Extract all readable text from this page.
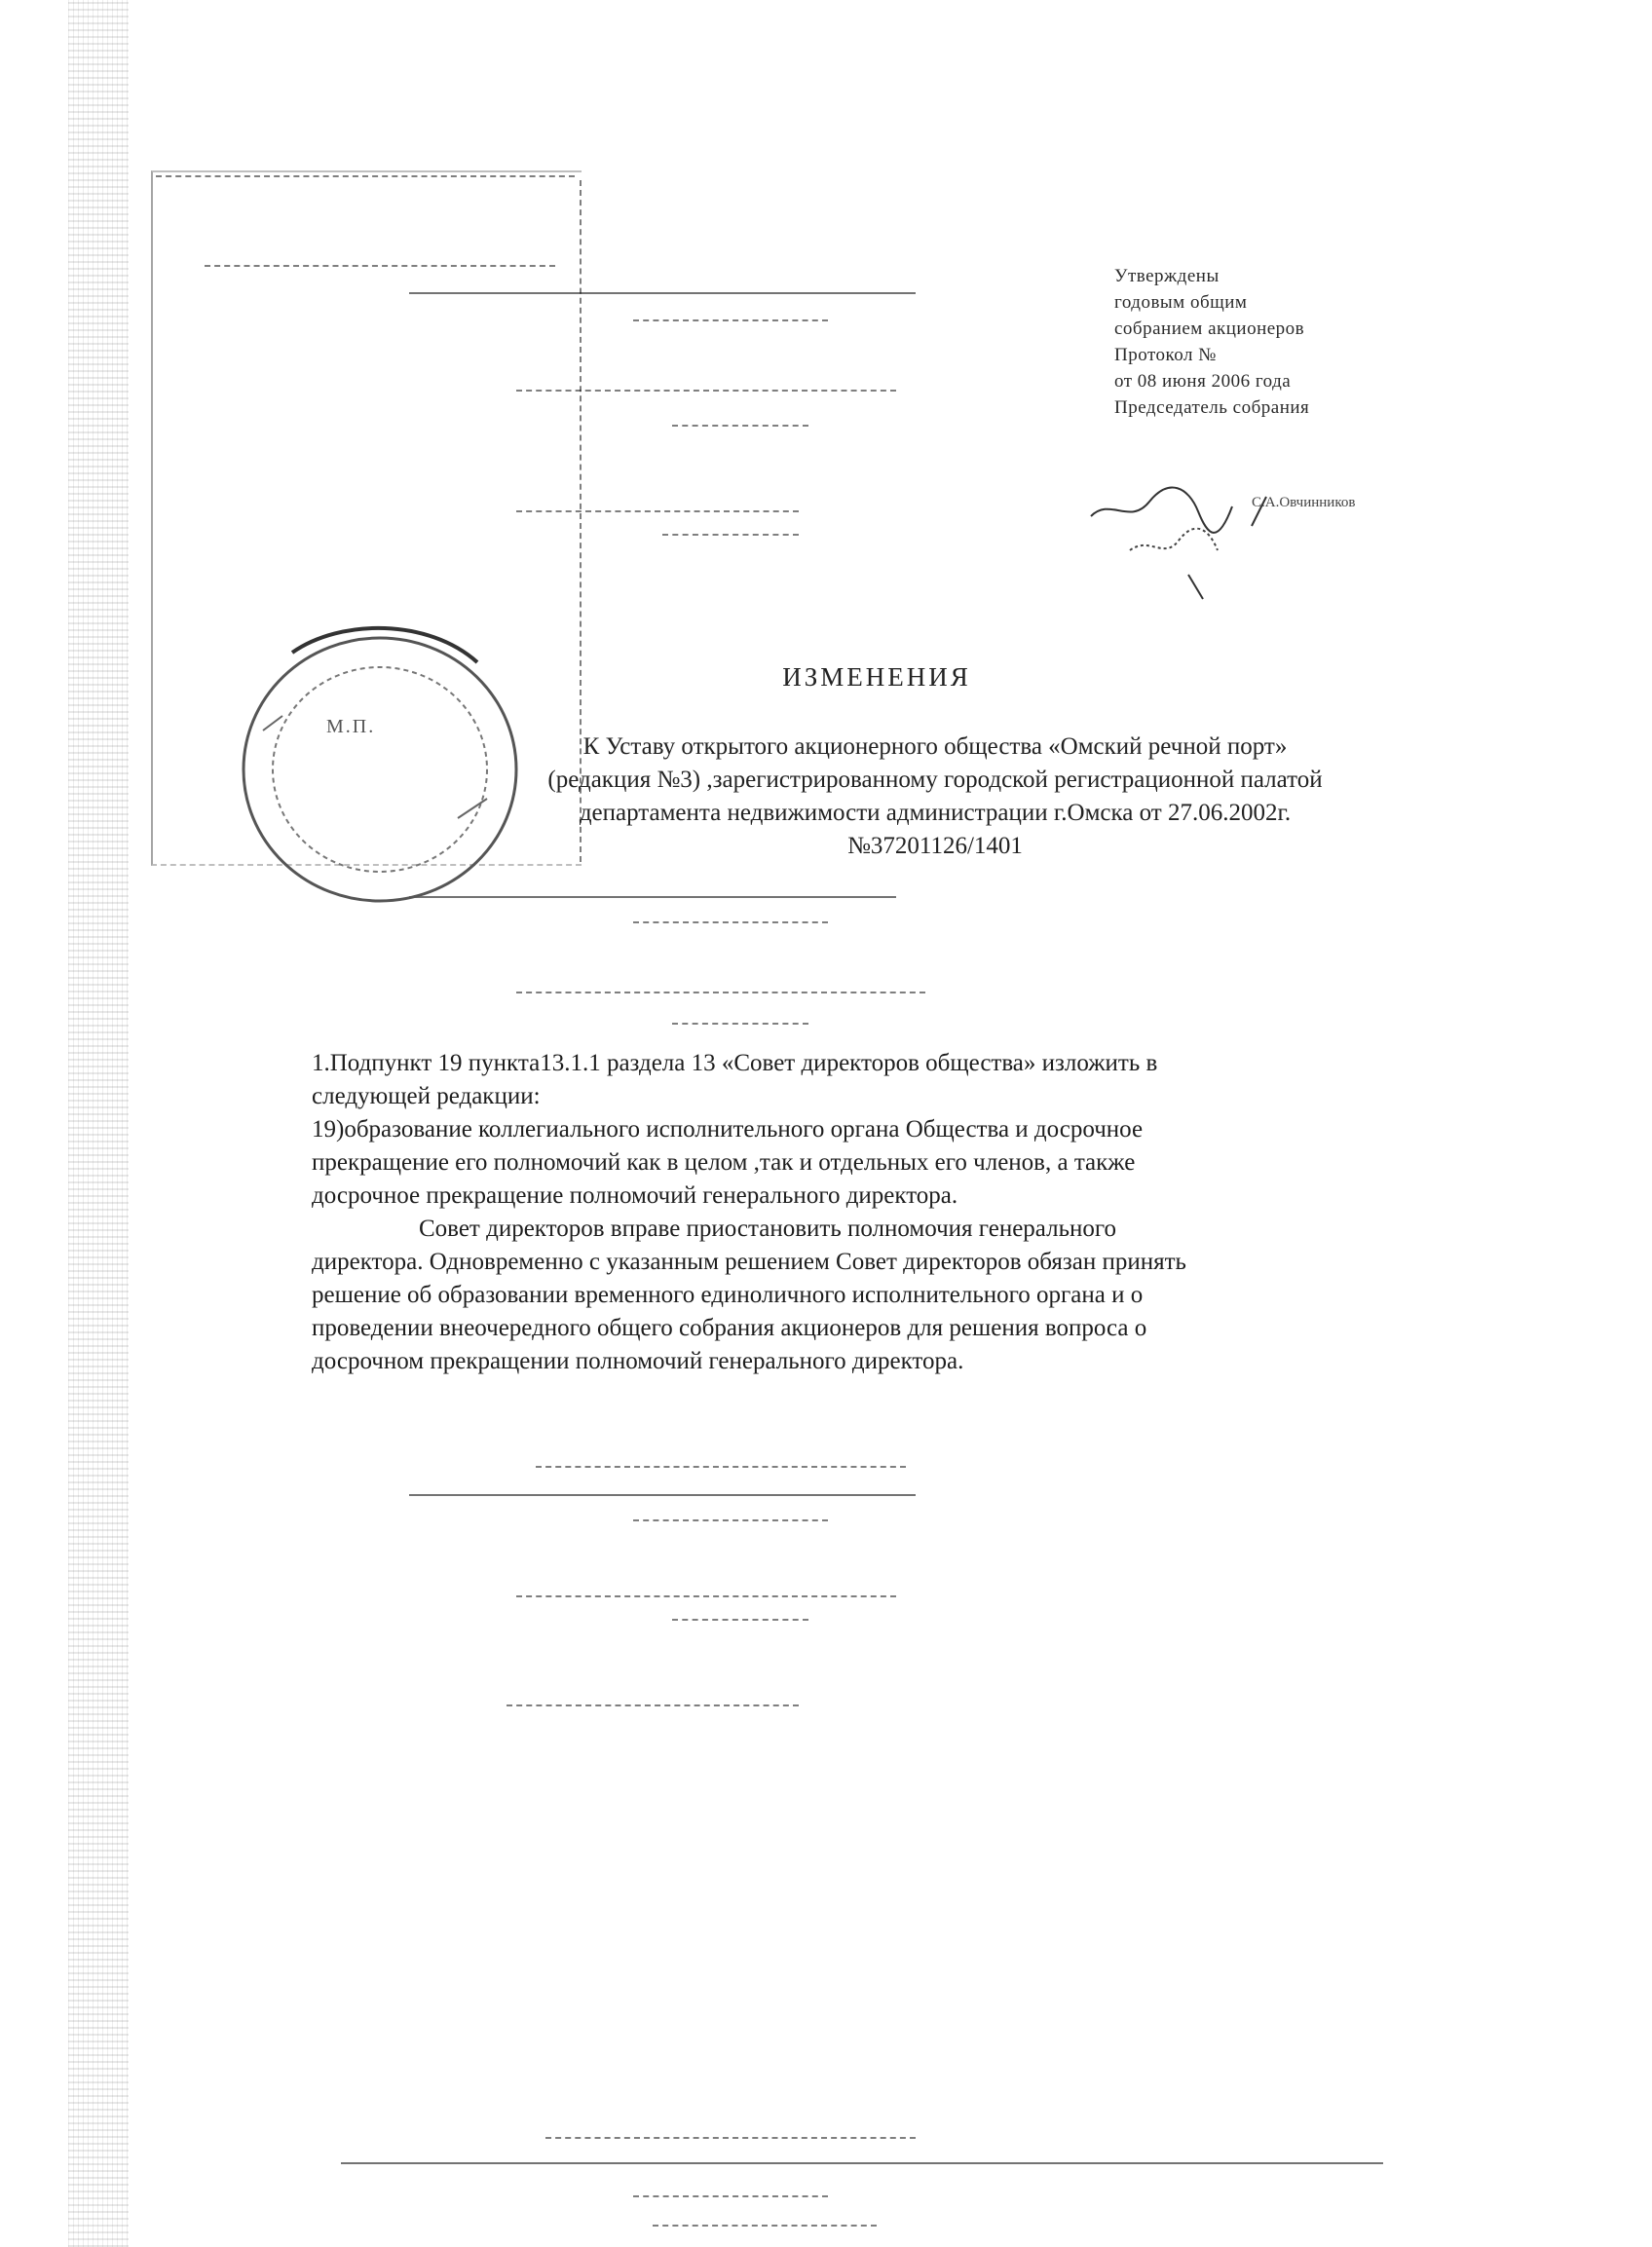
Утверждены
годовым общим
собранием акционеров
Протокол №
от 08 июня 2006 года
Председатель собрания
С.А.Овчинников
М.П.
ИЗМЕНЕНИЯ
К Уставу открытого акционерного общества «Омский речной порт»
(редакция №3) ,зарегистрированному городской регистрационной палатой
департамента недвижимости администрации г.Омска от 27.06.2002г.
№37201126/1401
1.Подпункт 19 пункта13.1.1 раздела 13 «Совет директоров общества» изложить в
следующей редакции:
19)образование коллегиального исполнительного органа Общества и досрочное
прекращение его полномочий как в целом ,так и отдельных его членов, а также
досрочное прекращение полномочий генерального директора.
Совет директоров вправе приостановить полномочия генерального
директора. Одновременно с указанным решением Совет директоров обязан принять
решение об образовании временного единоличного исполнительного органа и о
проведении внеочередного общего собрания акционеров для решения вопроса о
досрочном прекращении полномочий генерального директора.
